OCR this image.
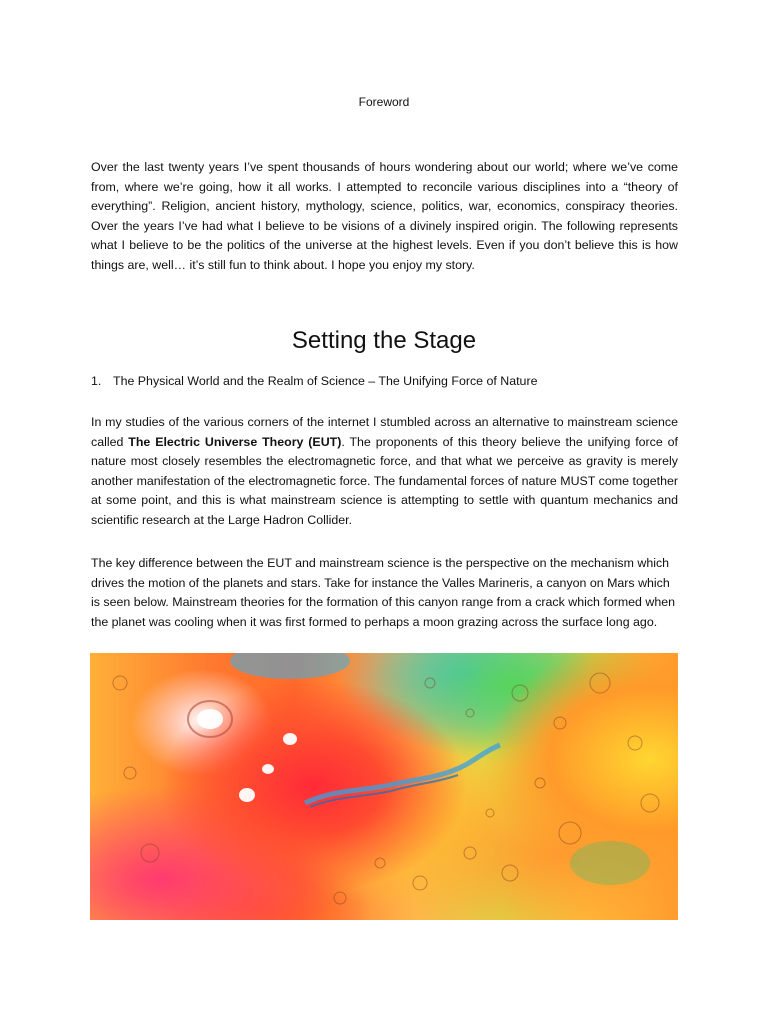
Foreword

Over the last twenty years I’ve spent thousands of hours wondering about our world; where we’ve come from, where we’re going, how it all works. I attempted to reconcile various disciplines into a “theory of everything”. Religion, ancient history, mythology, science, politics, war, economics, conspiracy theories. Over the years I’ve had what I believe to be visions of a divinely inspired origin. The following represents what I believe to be the politics of the universe at the highest levels. Even if you don’t believe this is how things are, well… it’s still fun to think about. I hope you enjoy my story.

Setting the Stage
1. The Physical World and the Realm of Science – The Unifying Force of Nature

In my studies of the various corners of the internet I stumbled across an alternative to mainstream science called The Electric Universe Theory (EUT). The proponents of this theory believe the unifying force of nature most closely resembles the electromagnetic force, and that what we perceive as gravity is merely another manifestation of the electromagnetic force. The fundamental forces of nature MUST come together at some point, and this is what mainstream science is attempting to settle with quantum mechanics and scientific research at the Large Hadron Collider.

The key difference between the EUT and mainstream science is the perspective on the mechanism which drives the motion of the planets and stars. Take for instance the Valles Marineris, a canyon on Mars which is seen below. Mainstream theories for the formation of this canyon range from a crack which formed when the planet was cooling when it was first formed to perhaps a moon grazing across the surface long ago.
